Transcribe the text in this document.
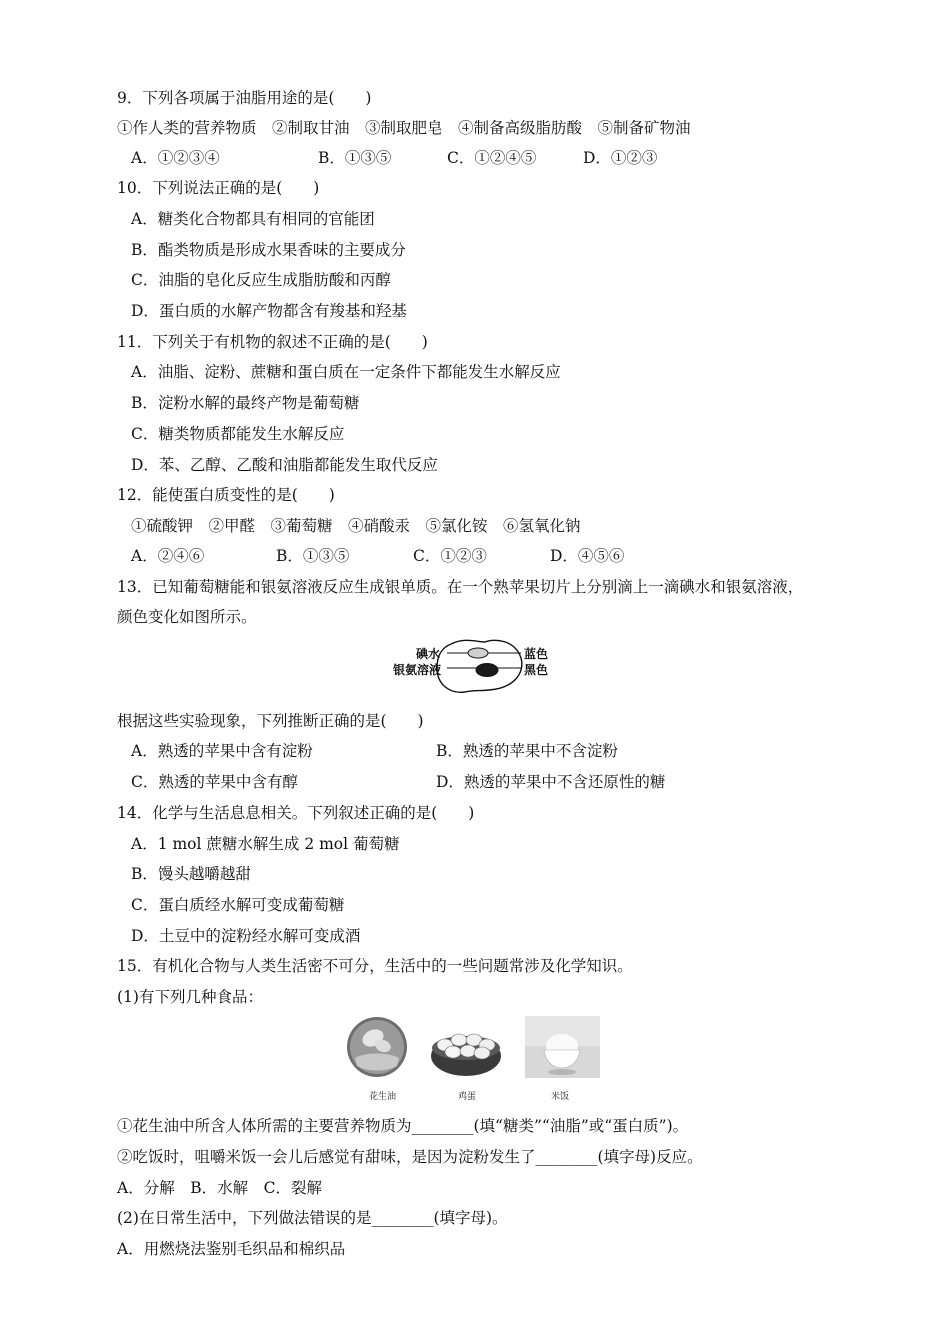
9．下列各项属于油脂用途的是(　　)
①作人类的营养物质　②制取甘油　③制取肥皂　④制备高级脂肪酸　⑤制备矿物油
A．①②③④	B．①③⑤	C．①②④⑤	D．①②③
10．下列说法正确的是(　　)
A．糖类化合物都具有相同的官能团
B．酯类物质是形成水果香味的主要成分
C．油脂的皂化反应生成脂肪酸和丙醇
D．蛋白质的水解产物都含有羧基和羟基
11．下列关于有机物的叙述不正确的是(　　)
A．油脂、淀粉、蔗糖和蛋白质在一定条件下都能发生水解反应
B．淀粉水解的最终产物是葡萄糖
C．糖类物质都能发生水解反应
D．苯、乙醇、乙酸和油脂都能发生取代反应
12．能使蛋白质变性的是(　　)
①硫酸钾　②甲醛　③葡萄糖　④硝酸汞　⑤氯化铵　⑥氢氧化钠
A．②④⑥	B．①③⑤	C．①②③	D．④⑤⑥
13．已知葡萄糖能和银氨溶液反应生成银单质。在一个熟苹果切片上分别滴上一滴碘水和银氨溶液，
颜色变化如图所示。
碘水
银氨溶液
蓝色
黑色
根据这些实验现象，下列推断正确的是(　　)
A．熟透的苹果中含有淀粉	B．熟透的苹果中不含淀粉
C．熟透的苹果中含有醇	D．熟透的苹果中不含还原性的糖
14．化学与生活息息相关。下列叙述正确的是(　　)
A．1 mol 蔗糖水解生成 2 mol 葡萄糖
B．馒头越嚼越甜
C．蛋白质经水解可变成葡萄糖
D．土豆中的淀粉经水解可变成酒
15．有机化合物与人类生活密不可分，生活中的一些问题常涉及化学知识。
(1)有下列几种食品：
花生油	鸡蛋	米饭
①花生油中所含人体所需的主要营养物质为________(填“糖类”“油脂”或“蛋白质”)。
②吃饭时，咀嚼米饭一会儿后感觉有甜味，是因为淀粉发生了________(填字母)反应。
A．分解　B．水解　C．裂解
(2)在日常生活中，下列做法错误的是________(填字母)。
A．用燃烧法鉴别毛织品和棉织品
